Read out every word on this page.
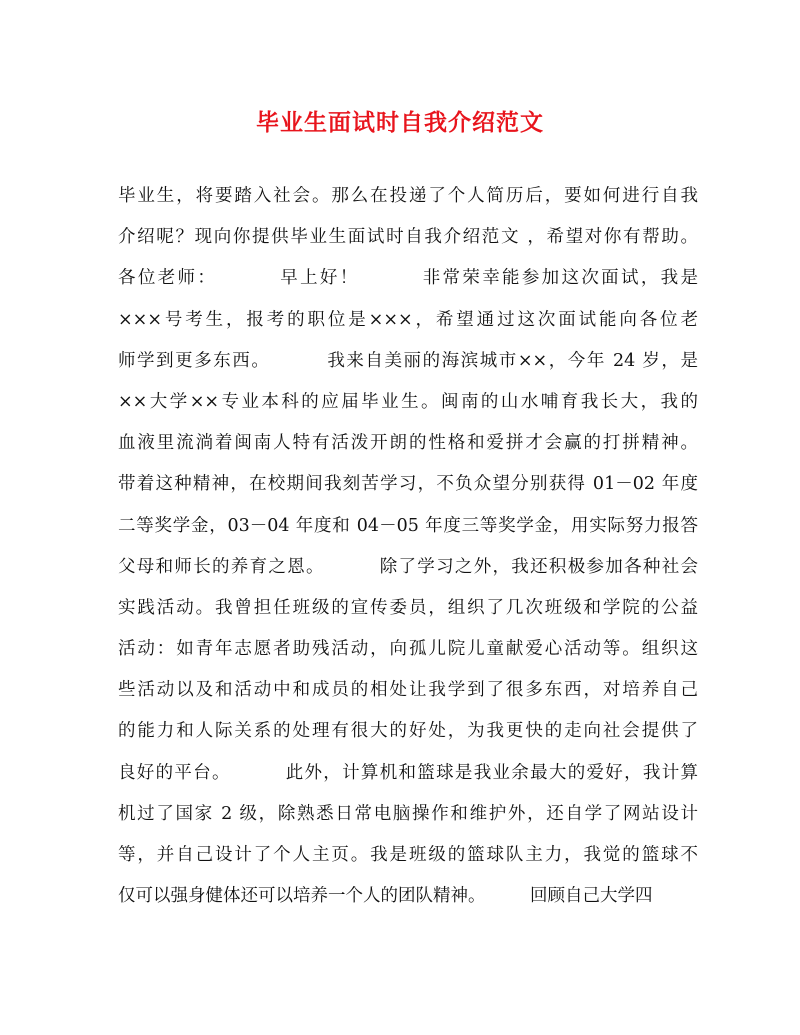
毕业生面试时自我介绍范文
毕业生，将要踏入社会。那么在投递了个人简历后，要如何进行自我
介绍呢？现向你提供毕业生面试时自我介绍范文 ，希望对你有帮助。
各位老师：        早上好！        非常荣幸能参加这次面试，我是
×××号考生，报考的职位是×××，希望通过这次面试能向各位老
师学到更多东西。        我来自美丽的海滨城市××，今年 24 岁，是
××大学××专业本科的应届毕业生。闽南的山水哺育我长大，我的
血液里流淌着闽南人特有活泼开朗的性格和爱拼才会赢的打拼精神。
带着这种精神，在校期间我刻苦学习，不负众望分别获得 01－02 年度
二等奖学金，03－04 年度和 04－05 年度三等奖学金，用实际努力报答
父母和师长的养育之恩。        除了学习之外，我还积极参加各种社会
实践活动。我曾担任班级的宣传委员，组织了几次班级和学院的公益
活动：如青年志愿者助残活动，向孤儿院儿童献爱心活动等。组织这
些活动以及和活动中和成员的相处让我学到了很多东西，对培养自己
的能力和人际关系的处理有很大的好处，为我更快的走向社会提供了
良好的平台。        此外，计算机和篮球是我业余最大的爱好，我计算
机过了国家 2 级，除熟悉日常电脑操作和维护外，还自学了网站设计
等，并自己设计了个人主页。我是班级的篮球队主力，我觉的篮球不
仅可以强身健体还可以培养一个人的团队精神。        回顾自己大学四
